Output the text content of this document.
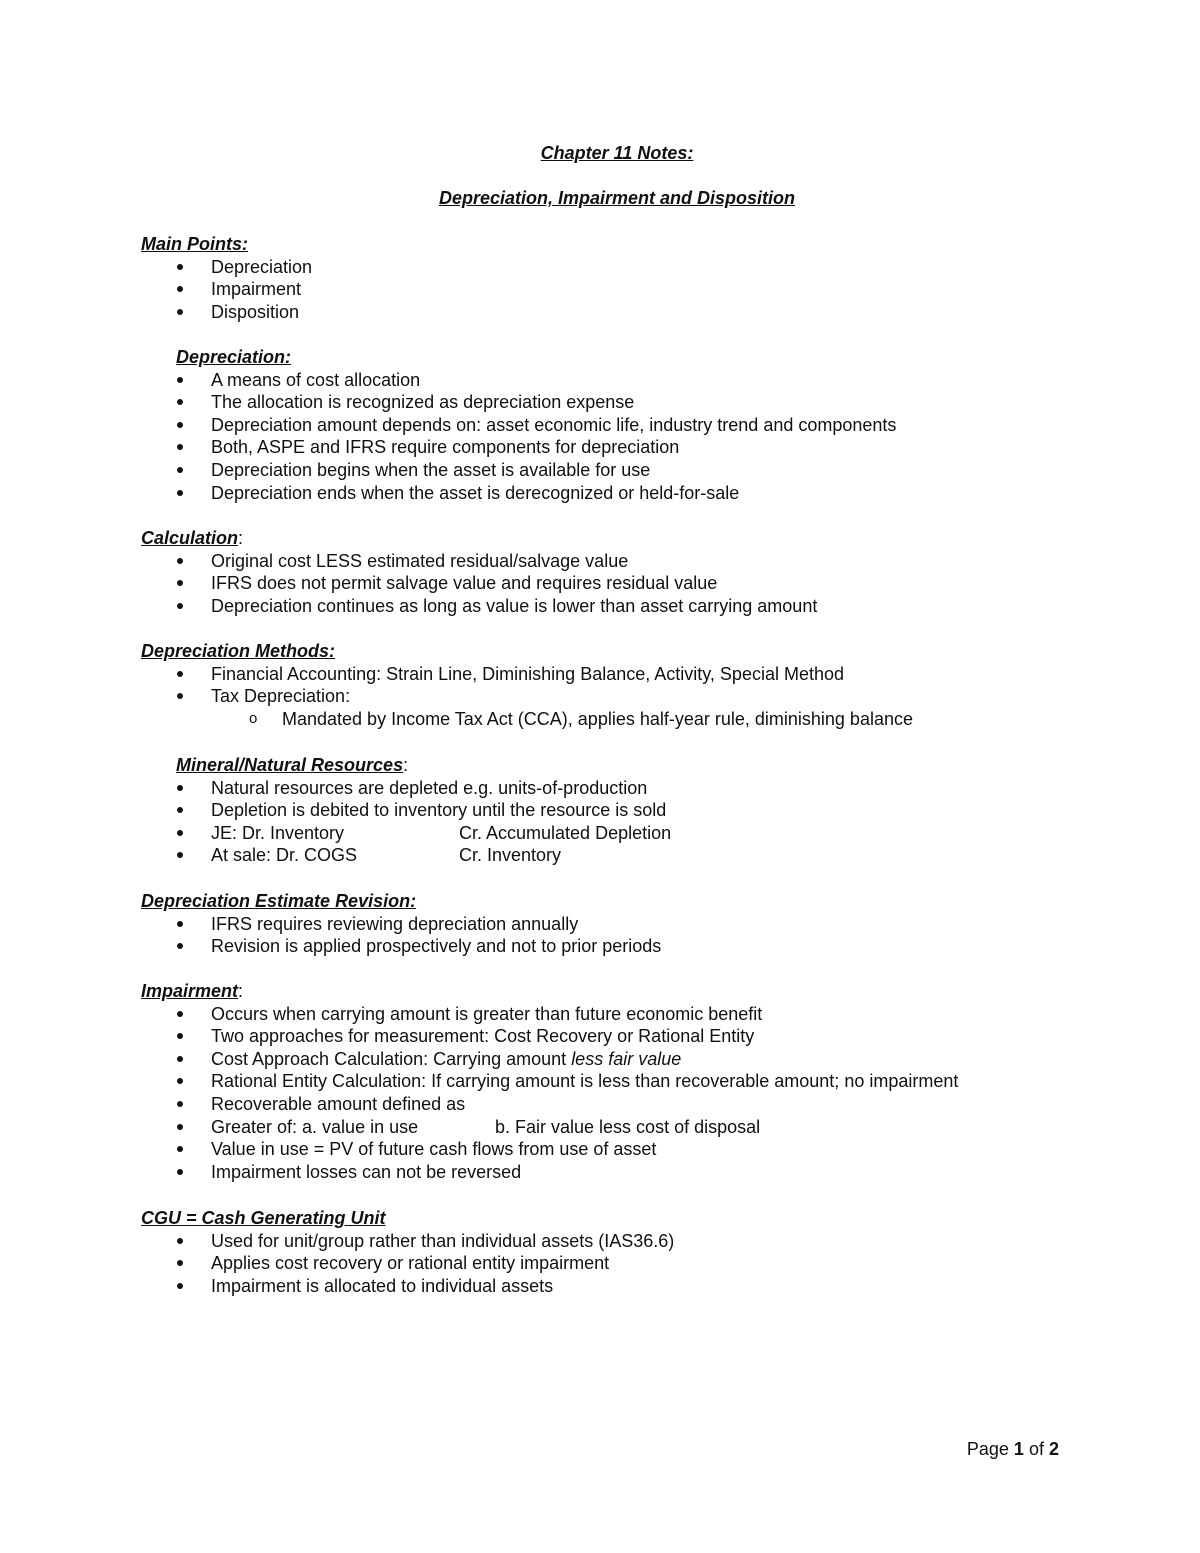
Chapter 11 Notes:
Depreciation, Impairment and Disposition
Main Points:
Depreciation
Impairment
Disposition
Depreciation:
A means of cost allocation
The allocation is recognized as depreciation expense
Depreciation amount depends on: asset economic life, industry trend and components
Both, ASPE and IFRS require components for depreciation
Depreciation begins when the asset is available for use
Depreciation ends when the asset is derecognized or held-for-sale
Calculation:
Original cost LESS estimated residual/salvage value
IFRS does not permit salvage value and requires residual value
Depreciation continues as long as value is lower than asset carrying amount
Depreciation Methods:
Financial Accounting: Strain Line, Diminishing Balance, Activity, Special Method
Tax Depreciation:
o Mandated by Income Tax Act (CCA), applies half-year rule, diminishing balance
Mineral/Natural Resources:
Natural resources are depleted e.g. units-of-production
Depletion is debited to inventory until the resource is sold
JE: Dr. Inventory	Cr. Accumulated Depletion
At sale: Dr. COGS	Cr. Inventory
Depreciation Estimate Revision:
IFRS requires reviewing depreciation annually
Revision is applied prospectively and not to prior periods
Impairment:
Occurs when carrying amount is greater than future economic benefit
Two approaches for measurement: Cost Recovery or Rational Entity
Cost Approach Calculation: Carrying amount less fair value
Rational Entity Calculation: If carrying amount is less than recoverable amount; no impairment
Recoverable amount defined as
Greater of: a. value in use	b. Fair value less cost of disposal
Value in use = PV of future cash flows from use of asset
Impairment losses can not be reversed
CGU = Cash Generating Unit
Used for unit/group rather than individual assets (IAS36.6)
Applies cost recovery or rational entity impairment
Impairment is allocated to individual assets
Page 1 of 2
